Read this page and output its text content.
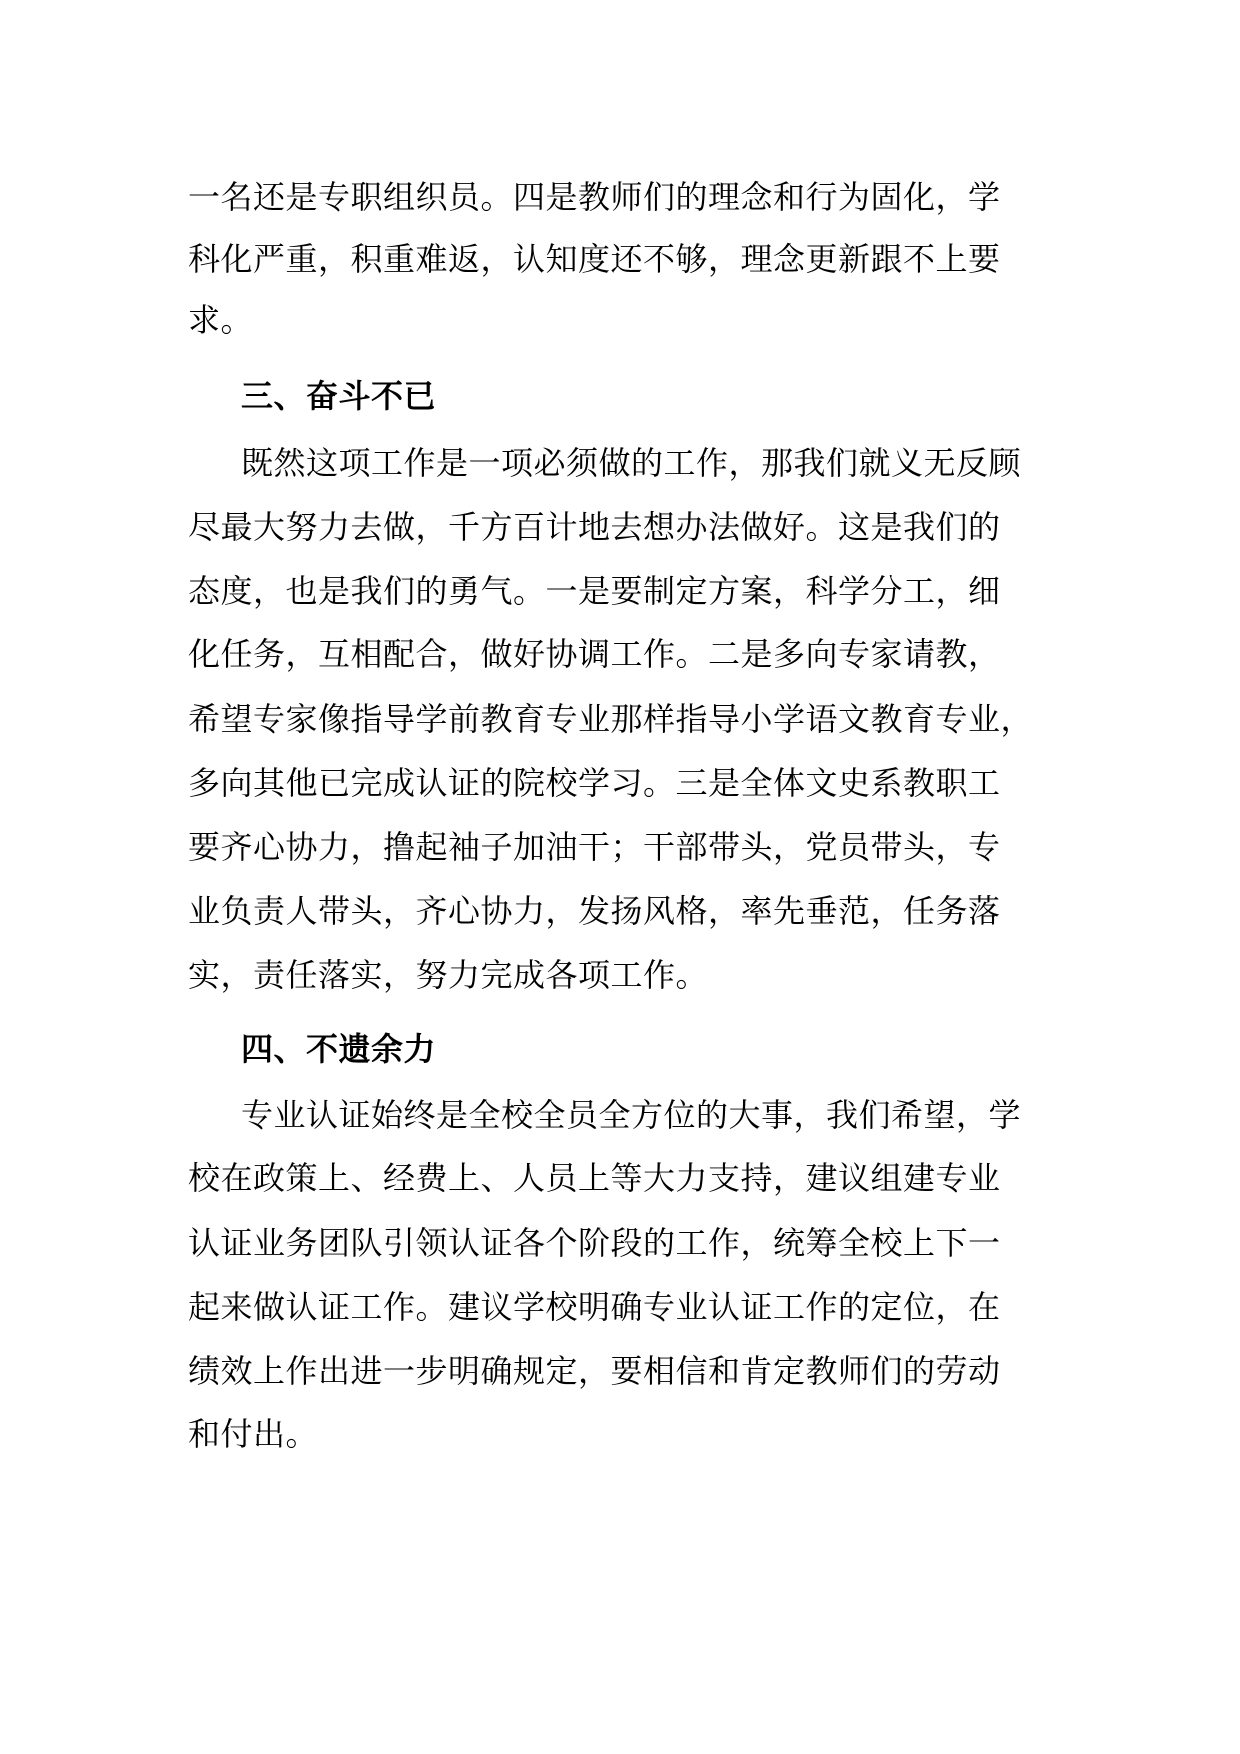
一名还是专职组织员。四是教师们的理念和行为固化，学
科化严重，积重难返，认知度还不够，理念更新跟不上要
求。
三、奋斗不已
既然这项工作是一项必须做的工作，那我们就义无反顾
尽最大努力去做，千方百计地去想办法做好。这是我们的
态度，也是我们的勇气。一是要制定方案，科学分工，细
化任务，互相配合，做好协调工作。二是多向专家请教，
希望专家像指导学前教育专业那样指导小学语文教育专业，
多向其他已完成认证的院校学习。三是全体文史系教职工
要齐心协力，撸起袖子加油干；干部带头，党员带头，专
业负责人带头，齐心协力，发扬风格，率先垂范，任务落
实，责任落实，努力完成各项工作。
四、不遗余力
专业认证始终是全校全员全方位的大事，我们希望，学
校在政策上、经费上、人员上等大力支持，建议组建专业
认证业务团队引领认证各个阶段的工作，统筹全校上下一
起来做认证工作。建议学校明确专业认证工作的定位，在
绩效上作出进一步明确规定，要相信和肯定教师们的劳动
和付出。
